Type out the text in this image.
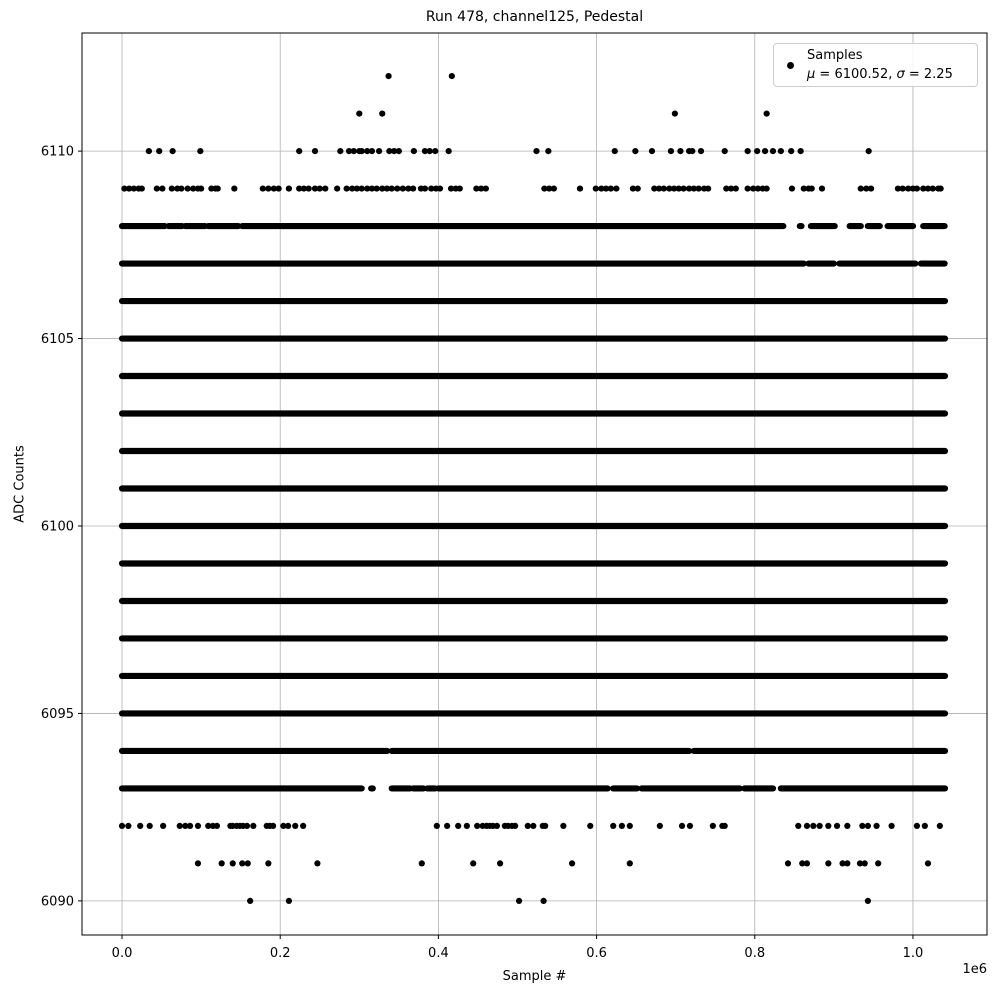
0.0	0.2	0.4	0.6	0.8	1.0
6090
6095
6100
6105
6110
Run 478, channel125, Pedestal
Sample #
ADC Counts
1e6
Samples
μ = 6100.52, σ = 2.25
